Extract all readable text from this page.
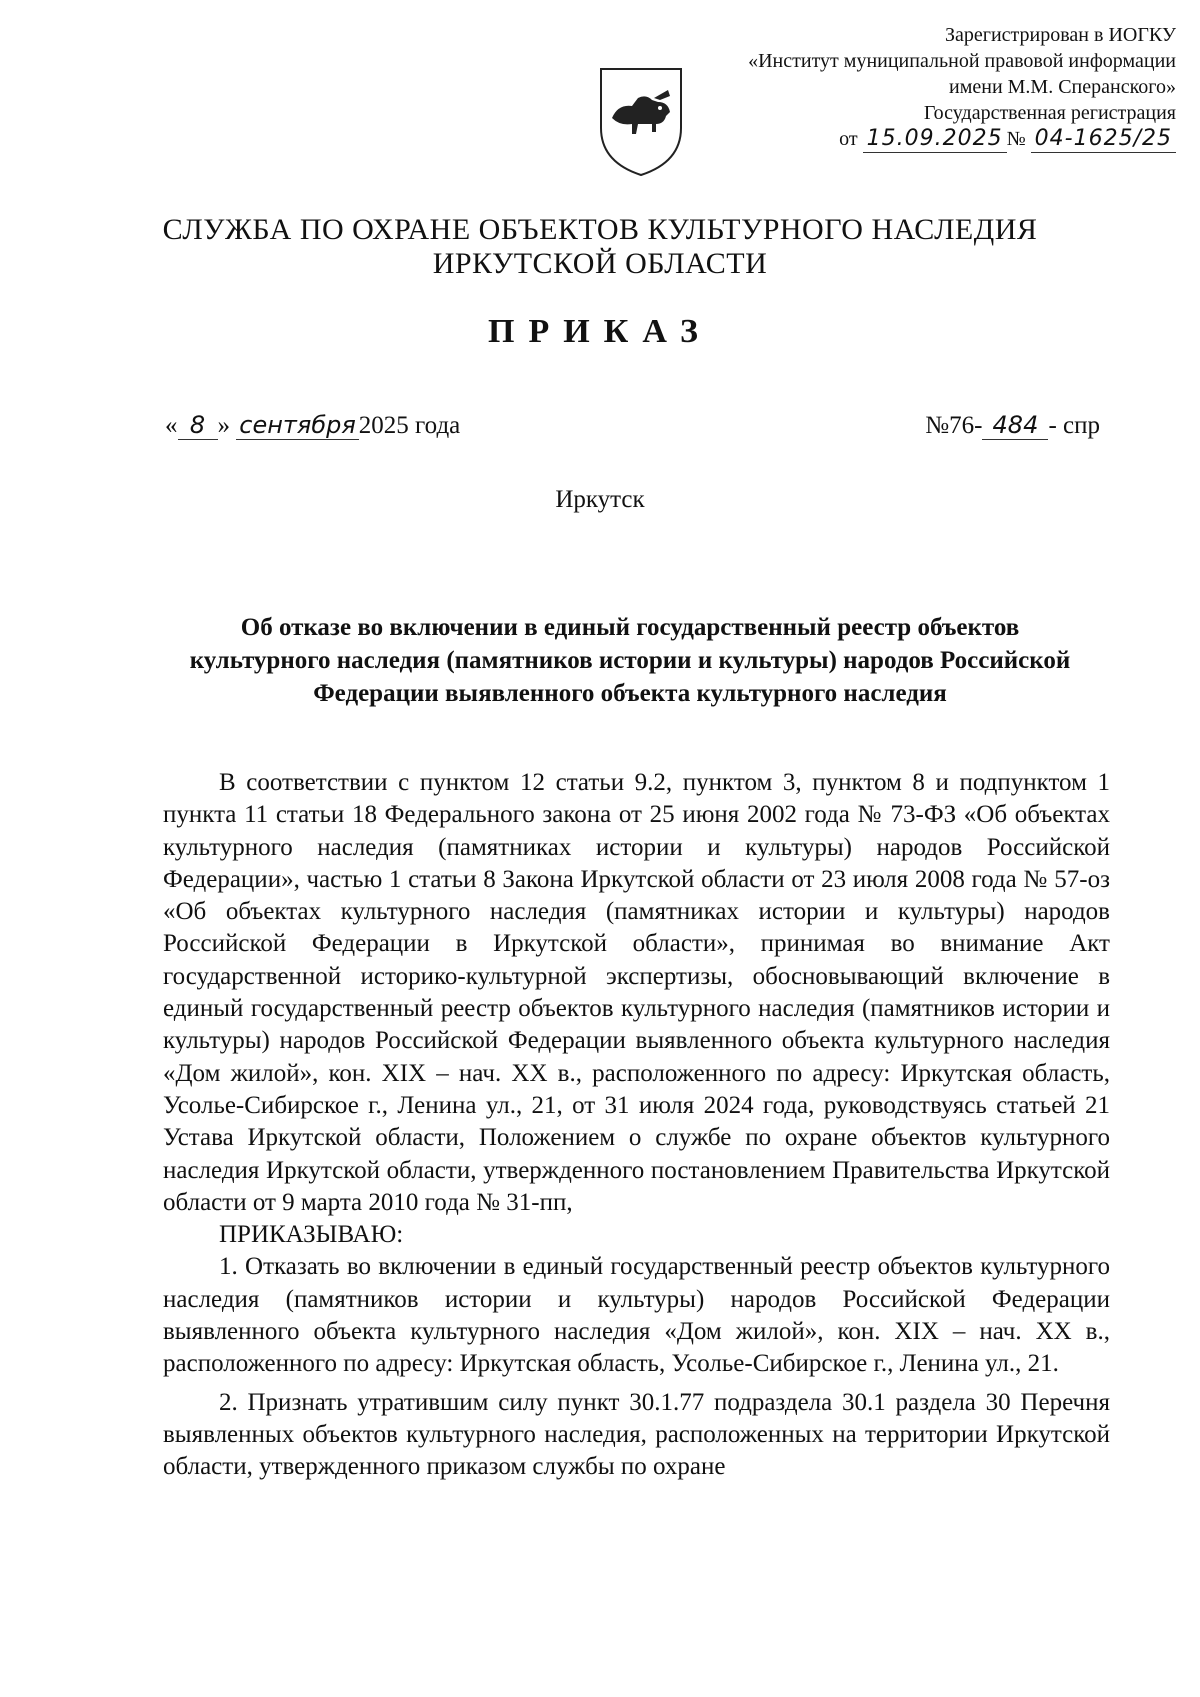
Зарегистрирован в ИОГКУ
«Институт муниципальной правовой информации
имени М.М. Сперанского»
Государственная регистрация
от 15.09.2025 № 04-1625/25
СЛУЖБА ПО ОХРАНЕ ОБЪЕКТОВ КУЛЬТУРНОГО НАСЛЕДИЯ
ИРКУТСКОЙ ОБЛАСТИ
ПРИКАЗ
« 8 » сентября 2025 года	№76- 484 - спр
Иркутск
Об отказе во включении в единый государственный реестр объектов культурного наследия (памятников истории и культуры) народов Российской Федерации выявленного объекта культурного наследия

В соответствии с пунктом 12 статьи 9.2, пунктом 3, пунктом 8 и подпунктом 1 пункта 11 статьи 18 Федерального закона от 25 июня 2002 года № 73-ФЗ «Об объектах культурного наследия (памятниках истории и культуры) народов Российской Федерации», частью 1 статьи 8 Закона Иркутской области от 23 июля 2008 года № 57-оз «Об объектах культурного наследия (памятниках истории и культуры) народов Российской Федерации в Иркутской области», принимая во внимание Акт государственной историко-культурной экспертизы, обосновывающий включение в единый государственный реестр объектов культурного наследия (памятников истории и культуры) народов Российской Федерации выявленного объекта культурного наследия «Дом жилой», кон. XIX – нач. XX в., расположенного по адресу: Иркутская область, Усолье-Сибирское г., Ленина ул., 21, от 31 июля 2024 года, руководствуясь статьей 21 Устава Иркутской области, Положением о службе по охране объектов культурного наследия Иркутской области, утвержденного постановлением Правительства Иркутской области от 9 марта 2010 года № 31-пп,

ПРИКАЗЫВАЮ:

1. Отказать во включении в единый государственный реестр объектов культурного наследия (памятников истории и культуры) народов Российской Федерации выявленного объекта культурного наследия «Дом жилой», кон. XIX – нач. XX в., расположенного по адресу: Иркутская область, Усолье-Сибирское г., Ленина ул., 21.

2. Признать утратившим силу пункт 30.1.77 подраздела 30.1 раздела 30 Перечня выявленных объектов культурного наследия, расположенных на территории Иркутской области, утвержденного приказом службы по охране
